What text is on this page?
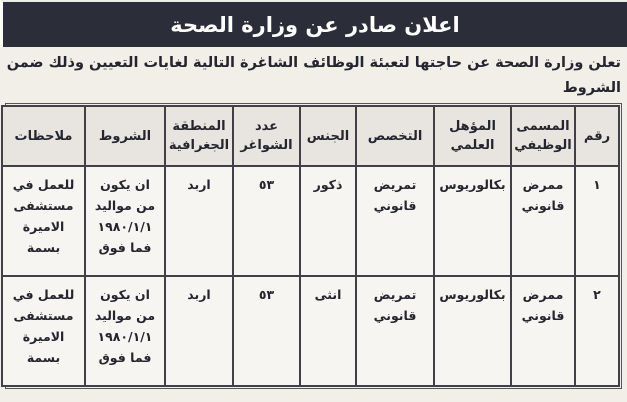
اعلان صادر عن وزارة الصحة
تعلن وزارة الصحة عن حاجتها لتعبئة الوظائف الشاغرة التالية لغايات التعيين وذلك ضمن الشروط
رقم	المسمى الوظيفي	المؤهل العلمي	التخصص	الجنس	عدد الشواغر	المنطقة الجغرافية	الشروط	ملاحظات
١	ممرض قانوني	بكالوريوس	تمريض قانوني	ذكور	٥٣	اربد	ان يكون من مواليد ١٩٨٠/١/١ فما فوق	للعمل في مستشفى الاميرة بسمة
٢	ممرض قانوني	بكالوريوس	تمريض قانوني	انثى	٥٣	اربد	ان يكون من مواليد ١٩٨٠/١/١ فما فوق	للعمل في مستشفى الاميرة بسمة
